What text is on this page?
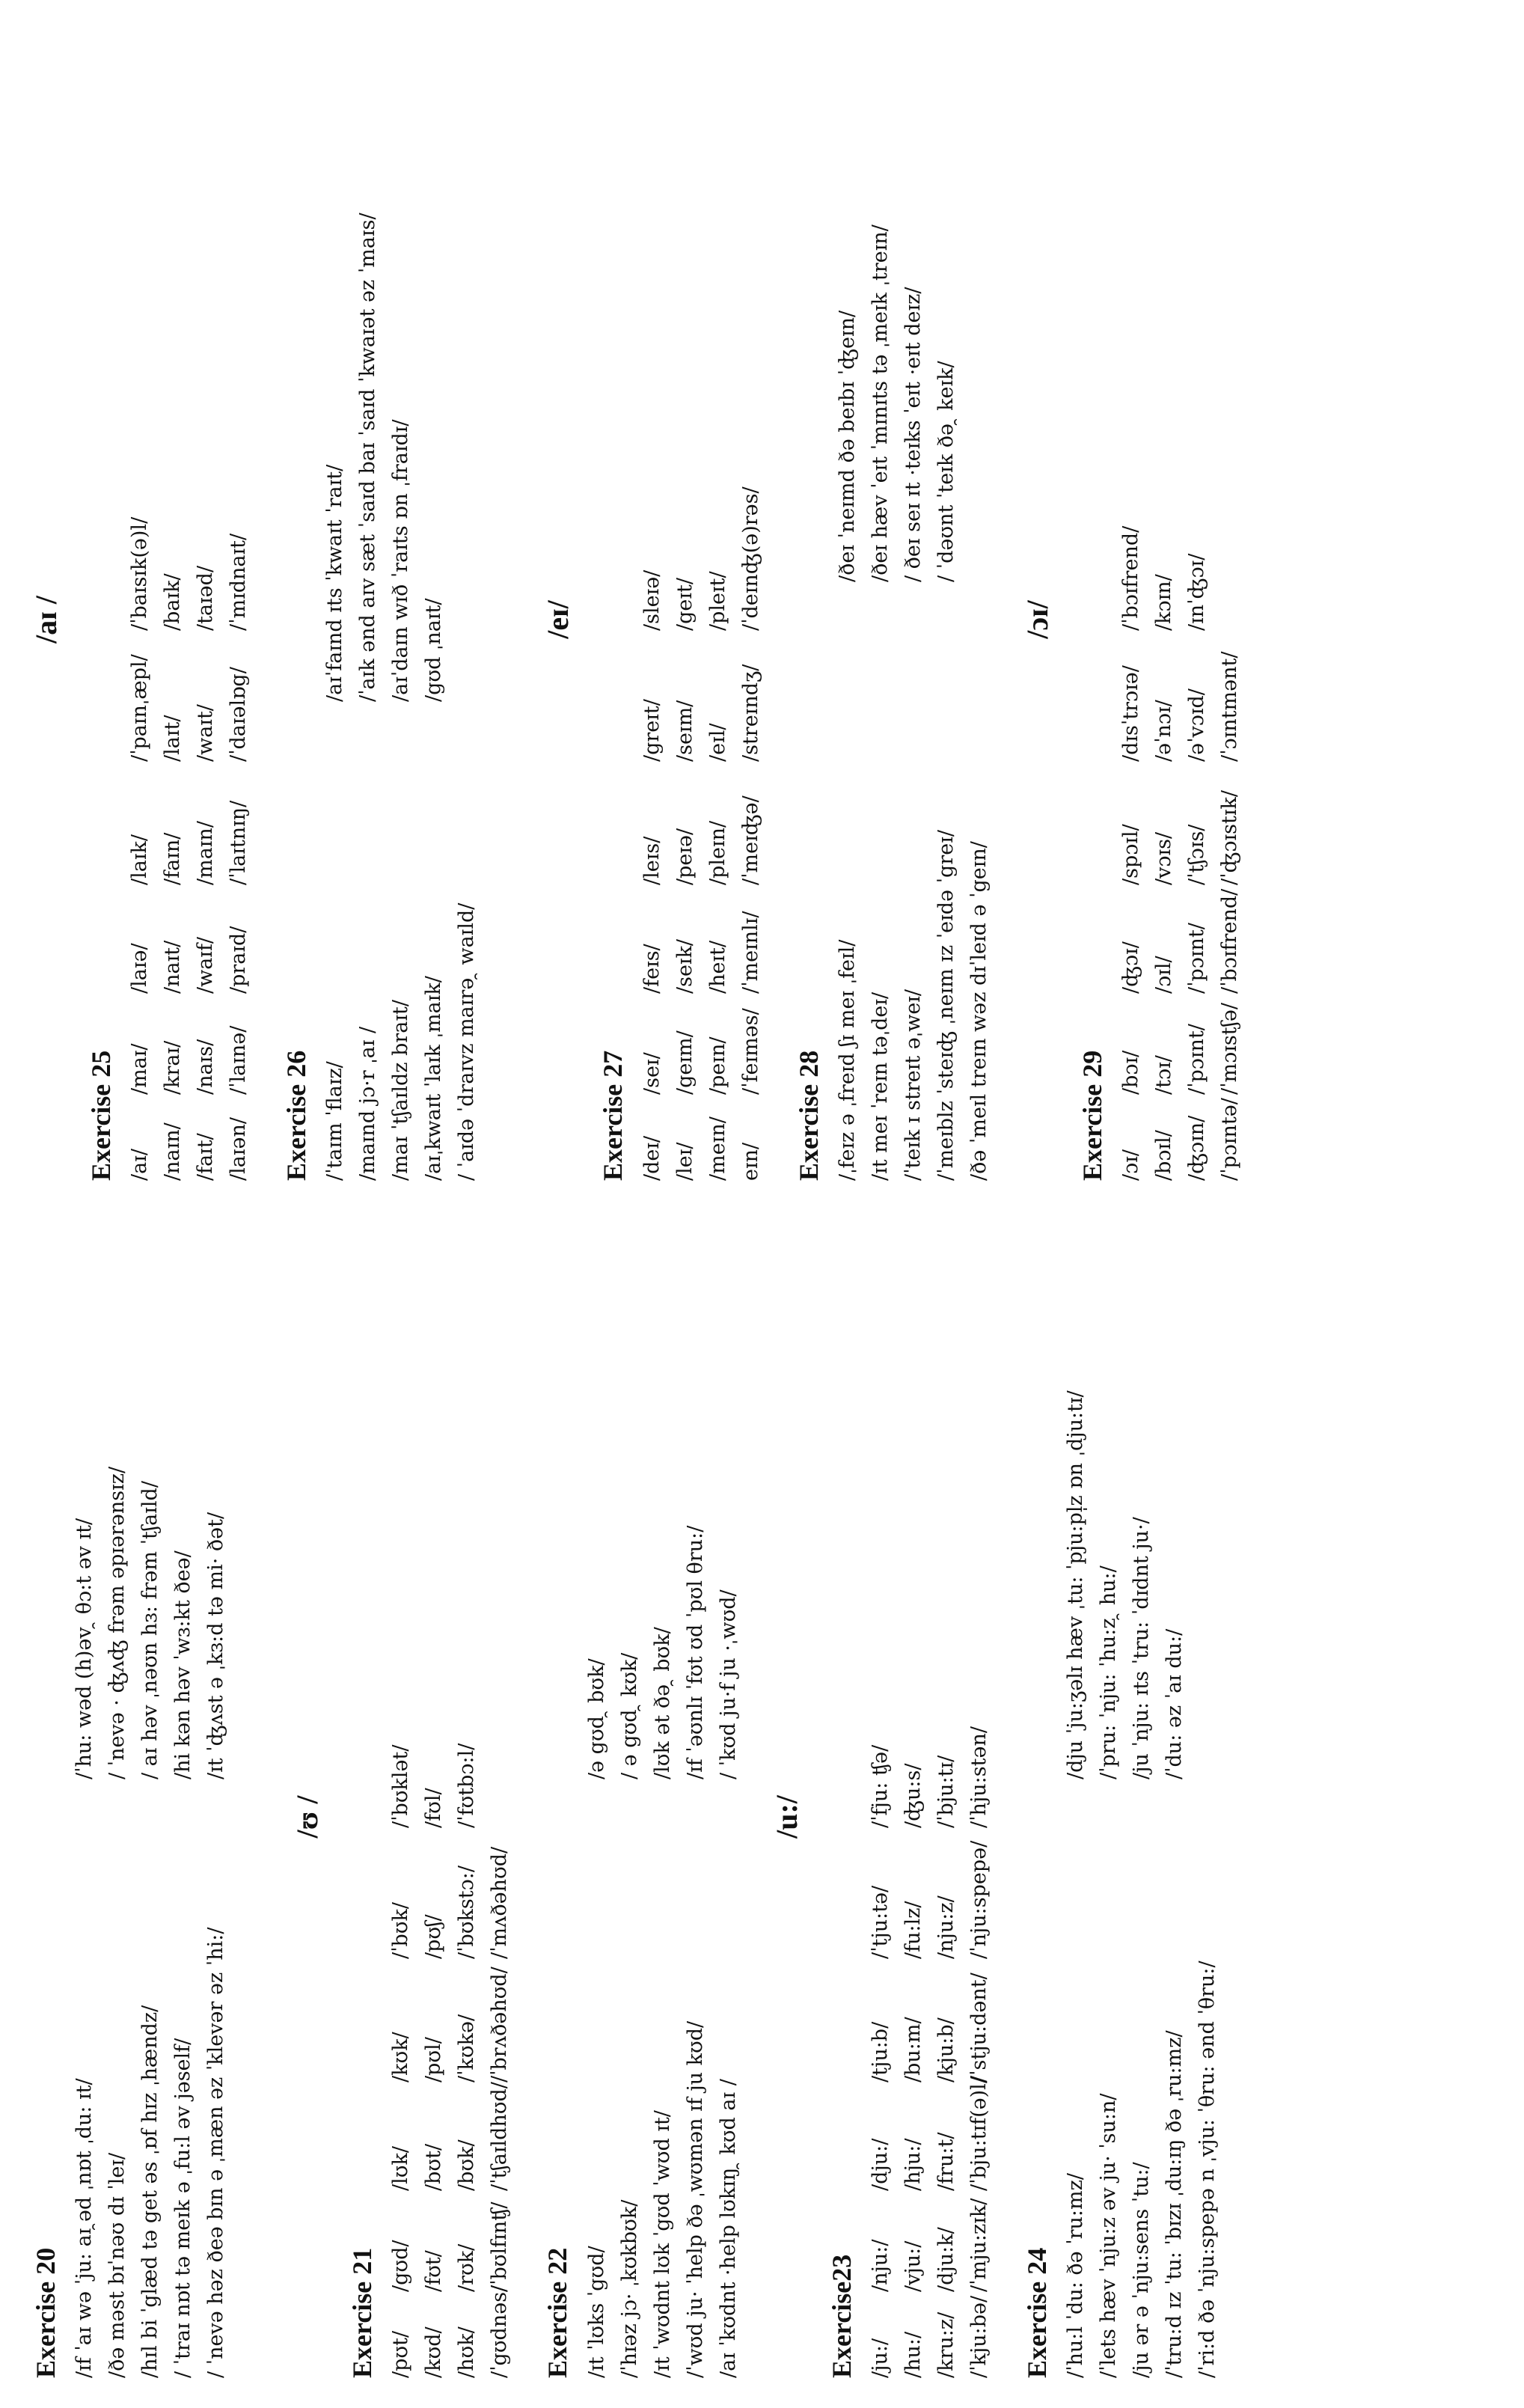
Exercise 20 /ɪf ˈaɪ wə ˈju: aɪ ̯əd ˌnɒt ˌdu: ɪt/ /ðə məst bɪˈnəʊ dɪ ˈleɪ/ /hɪl bi ˈglæd tə get əs ˌɒf hɪz ˌhændz/ / ˈtraɪ nɒt tə meɪk ə ˌfu:l əv jəself/ / ˈnevə həz ðeə bɪn ə ˌmæn əz ˈklevər əz ˈhi:/
/ˈhu: wəd (h)əv ̯ θɔ:t əv ɪt/ / ˈnevə · ʤʌʤ frəm əpɪərənsɪz/ / aɪ həv ˌnəʊn hɜ: frəm ˈtʃaɪld/ /hi kən həv ˈwɜ:kt ðeə/ /ɪt ˈʤʌst ə ˌkɜ:d tə mi· ðət/
/ʊ /
Exercise 21 /pʊt/
/gʊd/
/lʊk/
/kʊk/
/ˈbʊk/
/ˈbʊklət/
/kʊd/
/fʊt/
/bʊt/
/pʊl/
/pʊʃ/
/fʊl/
/hʊk/
/rʊk/
/bʊk/
/ˈkʊkə/
/ˈbʊkstɔ:/
/ˈfʊtbɔ:l/
/ˈgʊdnəs/
/ˈbʊlfɪnʧ/
/ˈtʃaɪldhʊd/
/ˈbrʌðəhʊd/
/ˈmʌðəhʊd/
Exercise 22 /ɪt ˈlʊks ˈgʊd/ /ˈhɪəz jɔ· ˌkʊkbʊk/ /ɪt ˈwʊdnt lʊk ˈgʊd ˈwʊd ɪt/ /ˈwʊd ju· ˈhelp ðə ˌwʊmən ɪf ju kʊd/ /aɪ ˈkʊdnt ·help lʊkɪŋ ̯ kʊd aɪ /
/ə gʊd ̯ bʊk/ / ə gʊd ̯ kʊk/ /lʊk ət ðə ̯ bʊk/ /ɪf ˈəʊnlɪ ˈfʊt ʊd ˈpʊl θru:/ / ˈkʊd ju·f ju ·ˌwʊd/
/u:/
Exercise23 /ju:/
/nju:/
/dju:/
/tju:b/
/ˈtju:tə/
/ˈfju: ʧə/
/hu:/
/vju:/
/hju:/
/bu:m/
/fu:lz/
/ʤu:s/
/kru:z/
/dju:k/
/fru:t/
/kju:b/
/nju:z/
/ˈbju:tɪ/
/ˈkju:bə/
/ˈmju:zɪk/
/ˈbju:tɪf(ə)l/
/ˈstju:dənt/
/ˈnju:spepə/
/ˈhju:stən/
Exercise 24 /ˈhu:l ˈdu: ðə ˈru:mz/ /ˈlets hæv ˈnju:z əv ju· ˈsu:n/ /ju ər ə ˈnju:sens ˈtu:/ /ˈtru:d ɪz ˈtu: ˈbɪzɪ ˌdu:ɪŋ ðə ˌru:mz/ /ˈri:d ðə ˈnju:spepə n ˌvju: ˈθru: ənd ˈθru:/
/dju ˈju:ʒəlɪ hæv ˌtu: ˈpju:pl̩z ɒn ˌdju:tɪ/ /ˈpru: ˈnju: ˈhu:z ̯ hu:/ /ju ˈnju: ɪts ˈtru: ˈdɪdnt ju·/ /ˈdu: əz ˈaɪ du:/
/aɪ /
Exercise 25 /aɪ/
/maɪ/
/laɪə/
/laɪk/
/ˈpaɪnˌæpl/
/ˈbaɪsɪk(ə)l/
/naɪn/
/kraɪ/
/naɪt/
/faɪn/
/laɪt/
/baɪk/
/faɪt/
/naɪs/
/waɪf/
/maɪn/
/waɪt/
/taɪəd/
/laɪən/
/ˈlaɪnə/
/praɪd/
/ˈlaɪtnɪŋ/
/ˈdaɪəlɒg/
/ˈmɪdnaɪt/
Exercise 26 /ˈtaɪm ˈflaɪz/ /maɪnd jɔ·r ˌaɪ / /maɪ ˈtʃaɪldz braɪt/ /aɪˌkwaɪt ˈlaɪk ˌmaɪk/ / ˈaɪdə ˈdraɪvz maɪrə ̯ waɪld/
/aɪˈfaɪnd ɪts ˈkwaɪt ˈraɪt/ /ˈaɪk ənd aɪv sæt ˈsaɪd baɪ ˈsaɪd ˈkwaɪət əz ˈmaɪs/ /aɪˈdaɪn wɪð ˈraɪts ɒn ˌfraɪdɪ/ /gʊd ˌnaɪt/	/eɪ/
Exercise 27 /deɪ/
/seɪ/
/feɪs/
/leɪs/
/greɪt/
/sleɪə/
/leɪ/
/geɪm/
/seɪk/
/peɪə/
/seɪm/
/geɪt/
/meɪn/
/peɪn/
/heɪt/
/pleɪn/
/eɪl/
/pleɪt/
eɪn/
/ˈfeɪməs/
/ˈmeɪnlɪ/
/ˈmeɪʤə/
/streɪndʒ/
/ˈdeɪnʤ(ə)rəs/
Exercise 28 /ˌfeɪz ə ˌfreɪd ʃɪ meɪ ˌfeɪl/ /ɪt meɪ ˈreɪn təˌdeɪ/ /ˈteɪk ɪ streɪt əˌweɪ/ /ˈmeɪblz ˈsteɪʤ ˌneɪm ɪz ˈeɪdə ˈgreɪ/ /ðə ˈmeɪl treɪn wəz dɪˈleɪd ə ˈgeɪn/
/ðeɪ ˈneɪmd ðə beɪbɪ ˈʤeɪn/ /ðeɪ hæv ˈeɪt ˈmɪnɪts tə ˌmeɪk ˌtreɪn/ / ðeɪ seɪ ɪt ·teɪks ˈeɪt ·eɪt deɪz/ / ˈdəʊnt ˈteɪk ðə ̯ keɪk/
/ɔɪ/
Exercise 29 /ɔɪ/
/bɔɪ/
/ʤɔɪ/
/spɔɪl/
/dɪsˈtrɔɪə/
/ˈbɔɪfrend/
/bɔɪl/
/tɔɪ/
/ɔɪl/
/vɔɪs/
/əˈnɔɪ/
/kɔɪn/
/ʤɔɪn/
/ˈpɔɪnt/
/ˈpɔɪnt/
/ˈtʃɔɪs/
/əˈvɔɪd/
/ɪnˈʤɔɪ/
/ˈpɔɪntə/
/ˈmɔɪstʃə/
/ˈbɔɪfrend/
/ˈʤɔɪstɪk/
/ˈɔɪntmənt/
